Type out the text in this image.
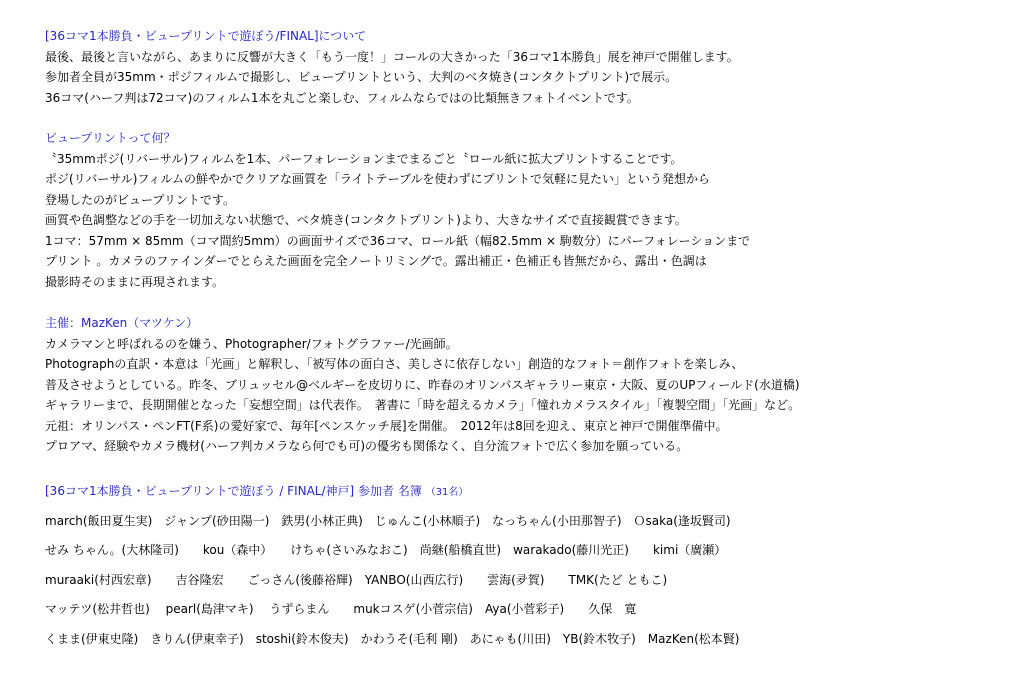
[36コマ1本勝負・ビュープリントで遊ぼう/FINAL]について
最後、最後と言いながら、あまりに反響が大きく「もう一度！」コールの大きかった「36コマ1本勝負」展を神戸で開催します。
参加者全員が35mm・ポジフィルムで撮影し、ビュープリントという、大判のベタ焼き(コンタクトプリント)で展示。
36コマ(ハーフ判は72コマ)のフィルム1本を丸ごと楽しむ、フィルムならではの比類無きフォトイベントです。
ビュープリントって何？
〝35mmポジ(リバーサル)フィルムを1本、パーフォレーションまでまるごと〝ロール紙に拡大プリントすることです。
ポジ(リバーサル)フィルムの鮮やかでクリアな画質を「ライトテーブルを使わずにプリントで気軽に見たい」という発想から
登場したのがビュープリントです。
画質や色調整などの手を一切加えない状態で、ベタ焼き(コンタクトプリント)より、大きなサイズで直接観賞できます。
1コマ：57mm × 85mm（コマ間約5mm）の画面サイズで36コマ、ロール紙（幅82.5mm × 駒数分）にパーフォレーションまで
プリント 。カメラのファインダーでとらえた画面を完全ノートリミングで。露出補正・色補正も皆無だから、露出・色調は
撮影時そのままに再現されます。
主催：MazKen（マツケン）
カメラマンと呼ばれるのを嫌う、Photographer/フォトグラファー/光画師。
Photographの直訳・本意は「光画」と解釈し、「被写体の面白さ、美しさに依存しない」創造的なフォト＝創作フォトを楽しみ、
普及させようとしている。昨冬、ブリュッセル@ベルギーを皮切りに、昨春のオリンパスギャラリー東京・大阪、夏のUPフィールド(水道橋)
ギャラリーまで、長期開催となった「妄想空間」は代表作。　著書に「時を超えるカメラ」「憧れカメラスタイル」「複製空間」「光画」など。
元祖：オリンパス・ペンFT(F系)の愛好家で、毎年[ペンスケッチ展]を開催。　2012年は8回を迎え、東京と神戸で開催準備中。
プロアマ、経験やカメラ機材(ハーフ判カメラなら何でも可)の優劣も関係なく、自分流フォトで広く参加を願っている。
[36コマ1本勝負・ビュープリントで遊ぼう / FINAL/神戸] 参加者 名簿 （31名）
march(飯田夏生実)　ジャンプ(砂田陽一)　鉄男(小林正典)　じゅんこ(小林順子)　なっちゃん(小田那智子)　Ｏsaka(逢坂賢司)
せみ ちゃん。(大林隆司)　　kou（森中）　　けちゃ(さいみなおこ)　尚継(船橋直世)　warakado(藤川光正)　　kimi（廣瀬）
muraaki(村西宏章)　　吉谷隆宏　　ごっさん(後藤裕輝)　YANBO(山西広行)　　雲海(夛賀)　　TMK(たど ともこ)
マッテツ(松井哲也)　 pearl(島津マキ)　 うずらまん　　mukコスゲ(小菅宗信)　Aya(小菅彩子)　　久保　寛
くまま(伊東史隆)　きりん(伊東幸子)　stoshi(鈴木俊夫)　かわうそ(毛利 剛)　あにゃも(川田)　YB(鈴木牧子)　MazKen(松本賢)
